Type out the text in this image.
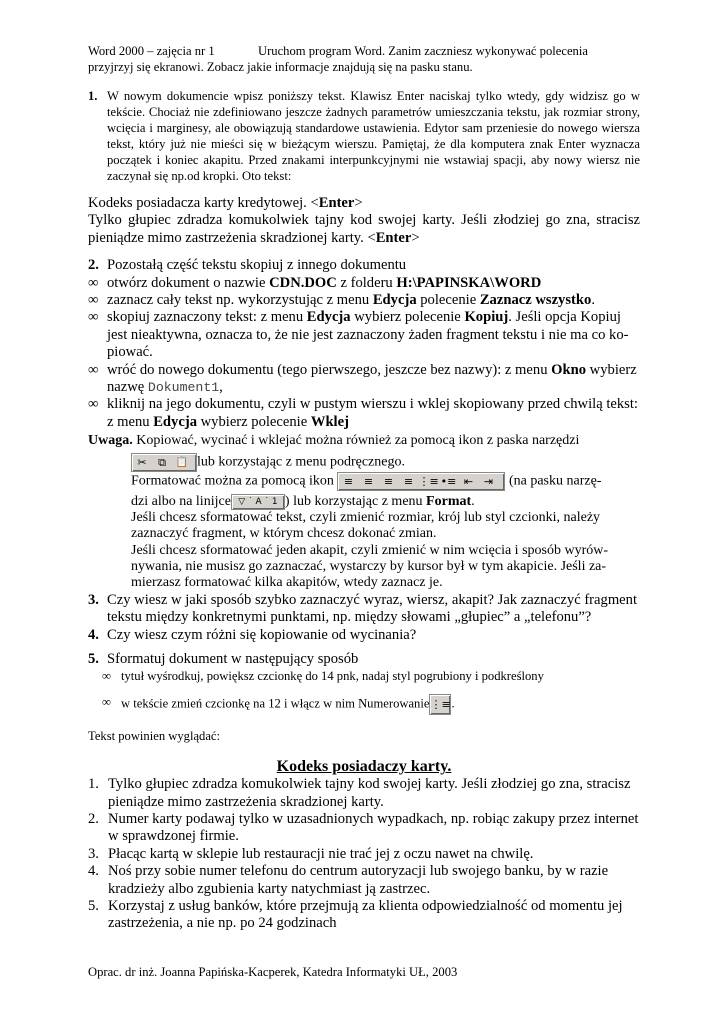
Word 2000 – zajęcia nr 1	Uruchom program Word. Zanim zaczniesz wykonywać polecenia
przyjrzyj się ekranowi. Zobacz jakie informacje znajdują się na pasku stanu.
1. W nowym dokumencie wpisz poniższy tekst. Klawisz Enter naciskaj tylko wtedy, gdy widzisz go w tekście. Chociaż nie zdefiniowano jeszcze żadnych parametrów umieszczania tekstu, jak rozmiar strony, wcięcia i marginesy, ale obowiązują standardowe ustawienia. Edytor sam przeniesie do nowego wiersza tekst, który już nie mieści się w bieżącym wierszu. Pamiętaj, że dla komputera znak Enter wyznacza początek i koniec akapitu. Przed znakami interpunkcyjnymi nie wstawiaj spacji, aby nowy wiersz nie zaczynał się np.od kropki. Oto tekst:

Kodeks posiadacza karty kredytowej. <Enter>

Tylko głupiec zdradza komukolwiek tajny kod swojej karty. Jeśli złodziej go zna, stracisz pieniądze mimo zastrzeżenia skradzionej karty. <Enter>

2. Pozostałą część tekstu skopiuj z innego dokumentu

∞ otwórz dokument o nazwie CDN.DOC z folderu H:\PAPINSKA\WORD
∞ zaznacz cały tekst np. wykorzystując z menu Edycja polecenie Zaznacz wszystko.
∞ skopiuj zaznaczony tekst: z menu Edycja wybierz polecenie Kopiuj. Jeśli opcja Kopiuj jest nieaktywna, oznacza to, że nie jest zaznaczony żaden fragment tekstu i nie ma co ko-piować.
∞ wróć do nowego dokumentu (tego pierwszego, jeszcze bez nazwy): z menu Okno wybierz nazwę Dokument1,
∞ kliknij na jego dokumentu, czyli w pustym wierszu i wklej skopiowany przed chwilą tekst: z menu Edycja wybierz polecenie Wklej

Uwaga. Kopiować, wycinać i wklejać można również za pomocą ikon z paska narzędzi

✂ ⧉ 📋 lub korzystając z menu podręcznego.

Formatować można za pomocą ikon ≡ ≡ ≡ ≡ ⋮≡ •≡ ⇤ ⇥ (na pasku narzę-

dzi albo na linijce ▽ ˙ A ˙ 1 ) lub korzystając z menu Format.

Jeśli chcesz sformatować tekst, czyli zmienić rozmiar, krój lub styl czcionki, należy zaznaczyć fragment, w którym chcesz dokonać zmian.

Jeśli chcesz sformatować jeden akapit, czyli zmienić w nim wcięcia i sposób wyrów-nywania, nie musisz go zaznaczać, wystarczy by kursor był w tym akapicie. Jeśli za-mierzasz formatować kilka akapitów, wtedy zaznacz je.

3. Czy wiesz w jaki sposób szybko zaznaczyć wyraz, wiersz, akapit? Jak zaznaczyć fragment tekstu między konkretnymi punktami, np. między słowami „głupiec” a „telefonu”?

4. Czy wiesz czym różni się kopiowanie od wycinania?

5. Sformatuj dokument w następujący sposób

∞ tytuł wyśrodkuj, powiększ czcionkę do 14 pnk, nadaj styl pogrubiony i podkreślony
∞ w tekście zmień czcionkę na 12 i włącz w nim Numerowanie⋮≡.

Tekst powinien wyglądać:

Kodeks posiadaczy karty.

1. Tylko głupiec zdradza komukolwiek tajny kod swojej karty. Jeśli złodziej go zna, stracisz pieniądze mimo zastrzeżenia skradzionej karty.
2. Numer karty podawaj tylko w uzasadnionych wypadkach, np. robiąc zakupy przez internet w sprawdzonej firmie.
3. Płacąc kartą w sklepie lub restauracji nie trać jej z oczu nawet na chwilę.
4. Noś przy sobie numer telefonu do centrum autoryzacji lub swojego banku, by w razie kradzieży albo zgubienia karty natychmiast ją zastrzec.
5. Korzystaj z usług banków, które przejmują za klienta odpowiedzialność od momentu jej zastrzeżenia, a nie np. po 24 godzinach

Oprac. dr inż. Joanna Papińska-Kacperek, Katedra Informatyki UŁ, 2003
